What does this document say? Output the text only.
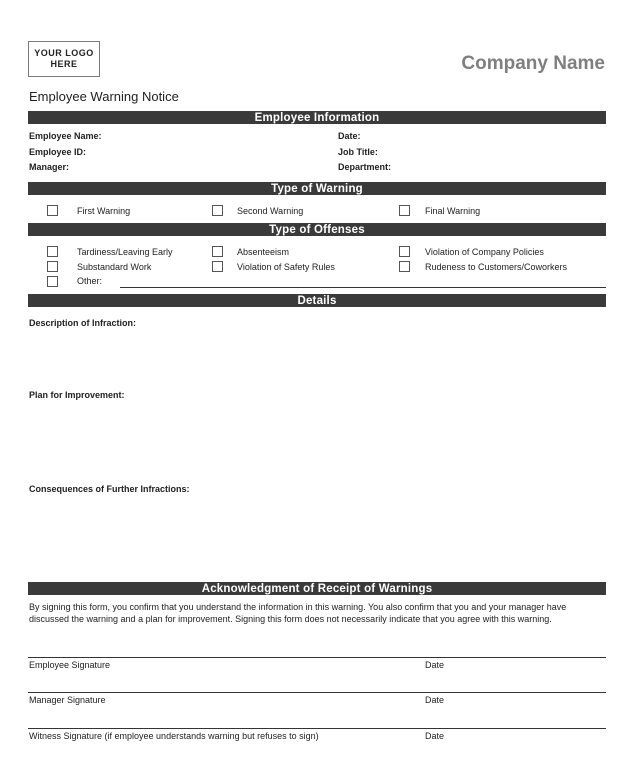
YOUR LOGO HERE	Company Name
Employee Warning Notice
Employee Information
Employee Name:	Date:
Employee ID:	Job Title:
Manager:	Department:
Type of Warning
First Warning	Second Warning	Final Warning
Type of Offenses
Tardiness/Leaving Early	Absenteeism	Violation of Company Policies
Substandard Work	Violation of Safety Rules	Rudeness to Customers/Coworkers
Other:
Details
Description of Infraction:
Plan for Improvement:
Consequences of Further Infractions:
Acknowledgment of Receipt of Warnings
By signing this form, you confirm that you understand the information in this warning. You also confirm that you and your manager have discussed the warning and a plan for improvement. Signing this form does not necessarily indicate that you agree with this warning.
Employee Signature	Date
Manager Signature	Date
Witness Signature (if employee understands warning but refuses to sign)	Date
